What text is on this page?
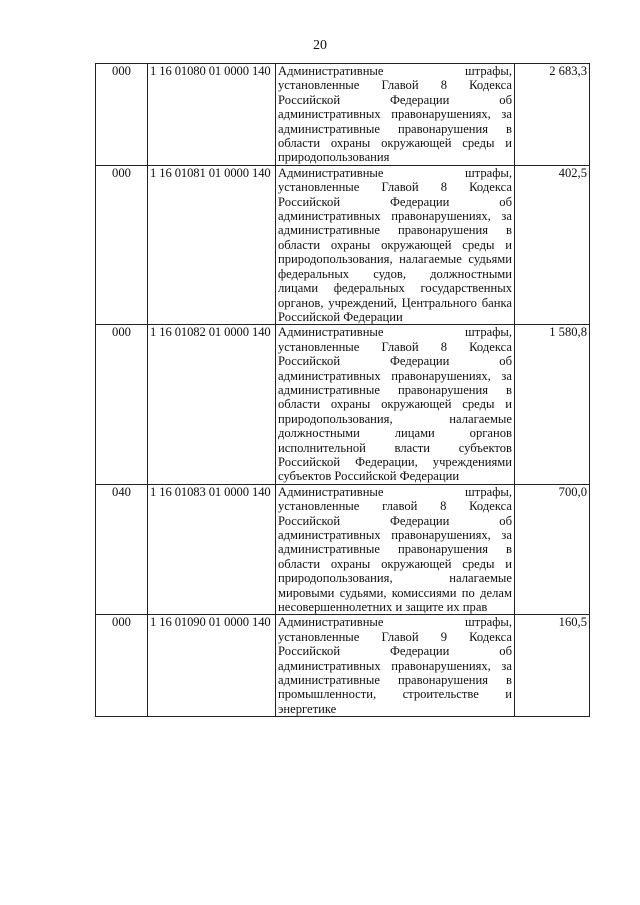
20
000	1 16 01080 01 0000 140	Административные штрафы, установленные Главой 8 Кодекса Российской Федерации об административных правонарушениях, за административные правонарушения в области охраны окружающей среды и природопользования	2 683,3
000	1 16 01081 01 0000 140	Административные штрафы, установленные Главой 8 Кодекса Российской Федерации об административных правонарушениях, за административные правонарушения в области охраны окружающей среды и природопользования, налагаемые судьями федеральных судов, должностными лицами федеральных государственных органов, учреждений, Центрального банка Российской Федерации	402,5
000	1 16 01082 01 0000 140	Административные штрафы, установленные Главой 8 Кодекса Российской Федерации об административных правонарушениях, за административные правонарушения в области охраны окружающей среды и природопользования, налагаемые должностными лицами органов исполнительной власти субъектов Российской Федерации, учреждениями субъектов Российской Федерации	1 580,8
040	1 16 01083 01 0000 140	Административные штрафы, установленные главой 8 Кодекса Российской Федерации об административных правонарушениях, за административные правонарушения в области охраны окружающей среды и природопользования, налагаемые мировыми судьями, комиссиями по делам несовершеннолетних и защите их прав	700,0
000	1 16 01090 01 0000 140	Административные штрафы, установленные Главой 9 Кодекса Российской Федерации об административных правонарушениях, за административные правонарушения в промышленности, строительстве и энергетике	160,5
